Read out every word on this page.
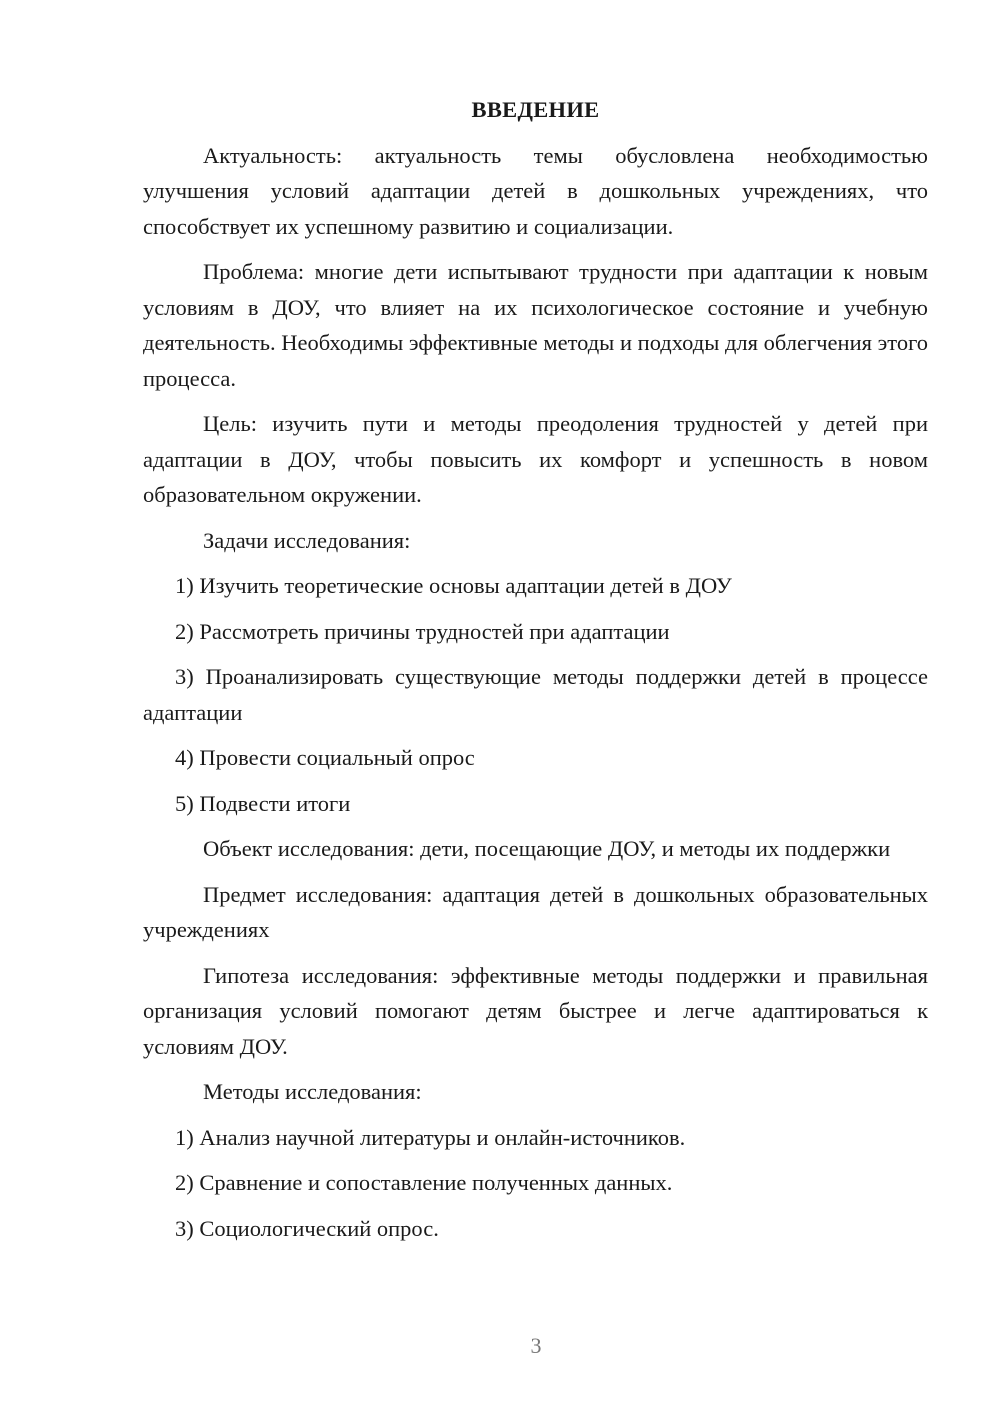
ВВЕДЕНИЕ

Актуальность: актуальность темы обусловлена необходимостью улучшения условий адаптации детей в дошкольных учреждениях, что способствует их успешному развитию и социализации.

Проблема: многие дети испытывают трудности при адаптации к новым условиям в ДОУ, что влияет на их психологическое состояние и учебную деятельность. Необходимы эффективные методы и подходы для облегчения этого процесса.

Цель: изучить пути и методы преодоления трудностей у детей при адаптации в ДОУ, чтобы повысить их комфорт и успешность в новом образовательном окружении.

Задачи исследования:

1) Изучить теоретические основы адаптации детей в ДОУ

2) Рассмотреть причины трудностей при адаптации

3) Проанализировать существующие методы поддержки детей в процессе адаптации

4) Провести социальный опрос

5) Подвести итоги

Объект исследования: дети, посещающие ДОУ, и методы их поддержки

Предмет исследования: адаптация детей в дошкольных образовательных учреждениях

Гипотеза исследования: эффективные методы поддержки и правильная организация условий помогают детям быстрее и легче адаптироваться к условиям ДОУ.

Методы исследования:

1) Анализ научной литературы и онлайн-источников.

2) Сравнение и сопоставление полученных данных.

3) Социологический опрос.

3
